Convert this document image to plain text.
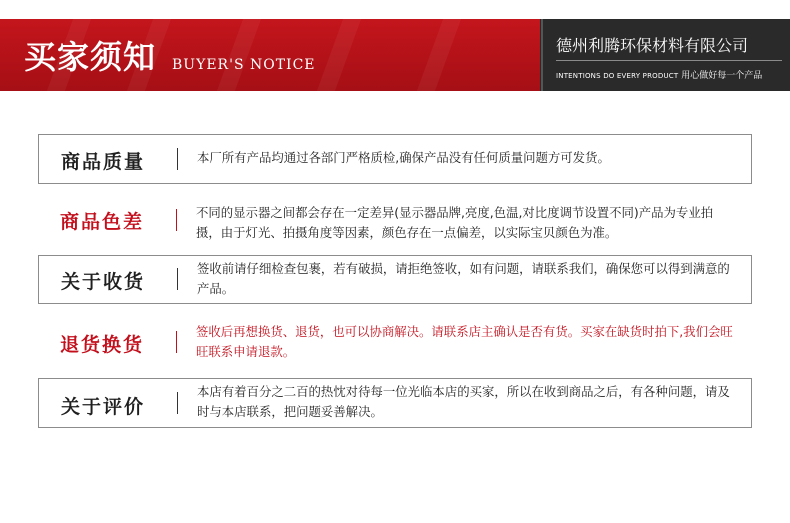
买家须知 BUYER'S NOTICE
德州利腾环保材料有限公司
INTENTIONS DO EVERY PRODUCT 用心做好每一个产品
商品质量	本厂所有产品均通过各部门严格质检,确保产品没有任何质量问题方可发货。
商品色差	不同的显示器之间都会存在一定差异(显示器品牌,亮度,色温,对比度调节设置不同)产品为专业拍摄，由于灯光、拍摄角度等因素，颜色存在一点偏差，以实际宝贝颜色为准。
关于收货
签收前请仔细检查包裹，若有破损，请拒绝签收，如有问题，请联系我们，确保您可以得到满意的产品。
退货换货
签收后再想换货、退货，也可以协商解决。请联系店主确认是否有货。买家在缺货时拍下,我们会旺旺联系申请退款。
关于评价
本店有着百分之二百的热忱对待每一位光临本店的买家，所以在收到商品之后，有各种问题，请及时与本店联系，把问题妥善解决。
